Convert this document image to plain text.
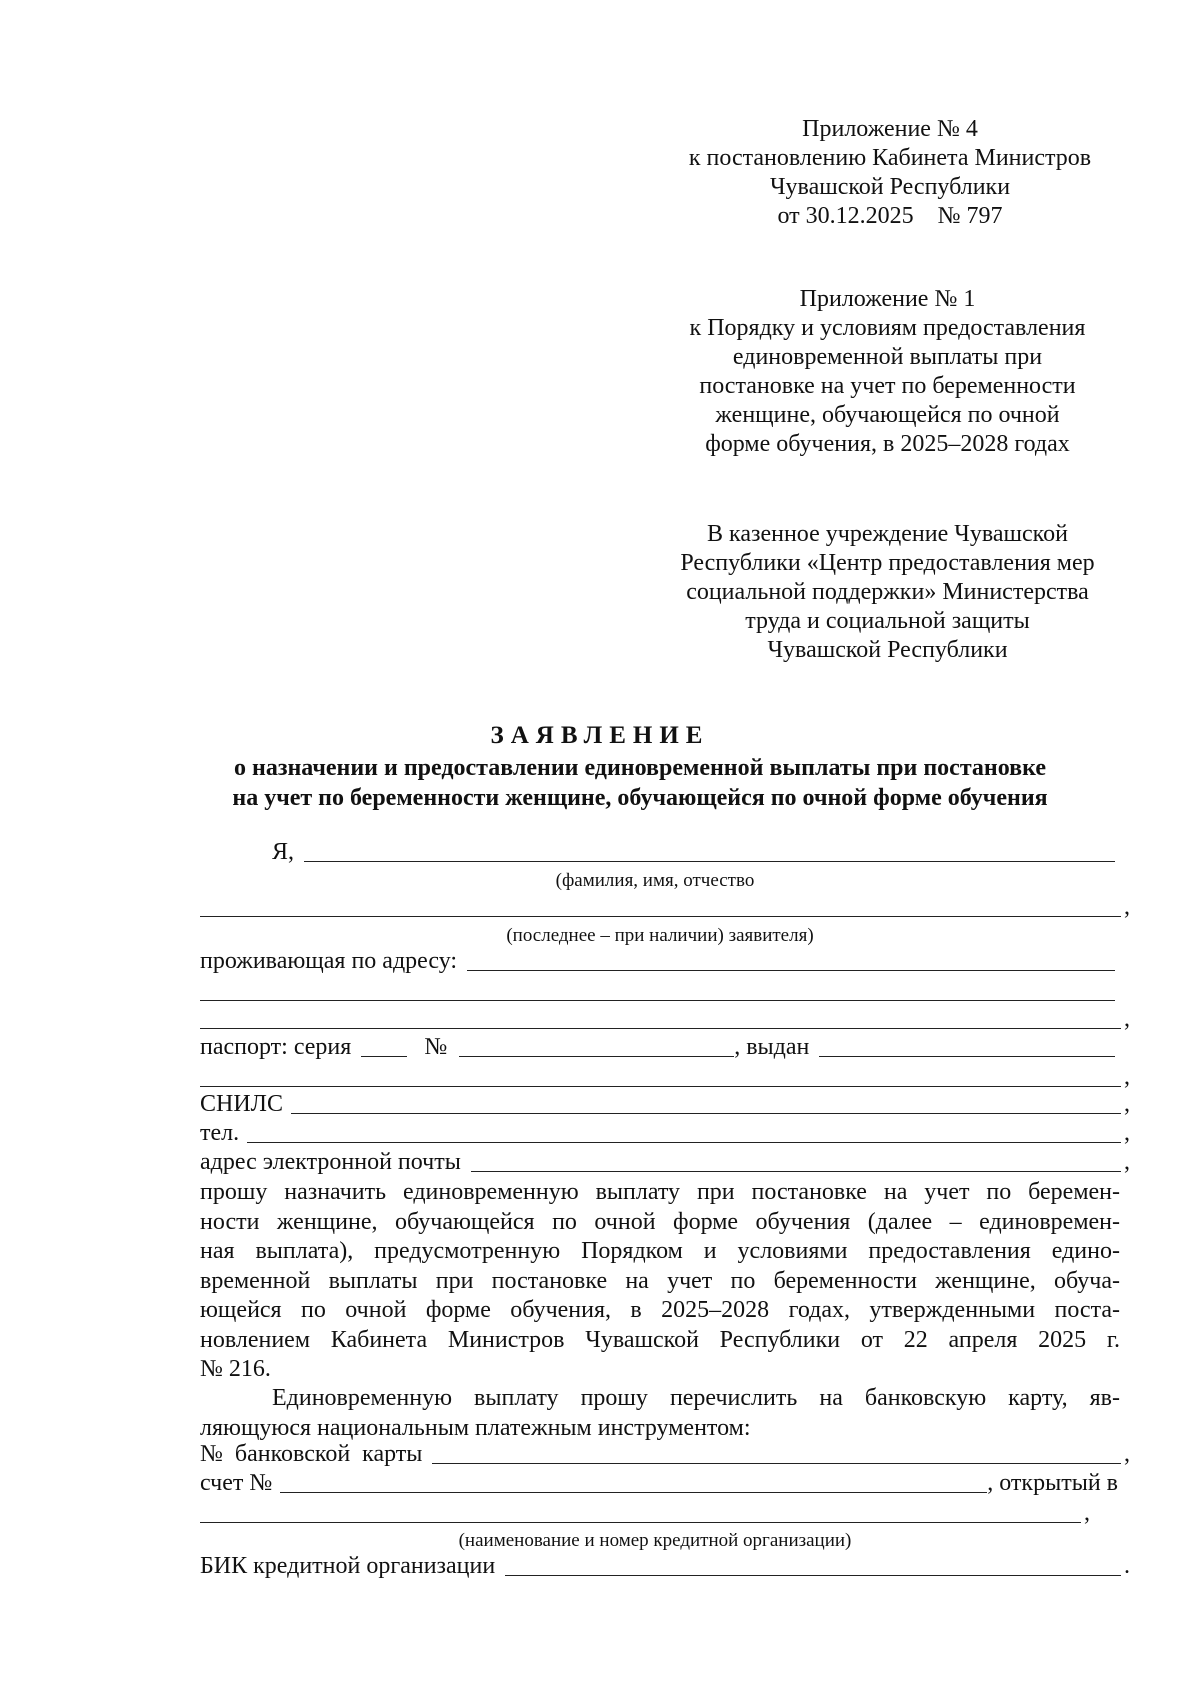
Приложение № 4
к постановлению Кабинета Министров
Чувашской Республики
от 30.12.2025    № 797
Приложение № 1
к Порядку и условиям предоставления
единовременной выплаты при
постановке на учет по беременности
женщине, обучающейся по очной
форме обучения, в 2025–2028 годах
В казенное учреждение Чувашской
Республики «Центр предоставления мер
социальной поддержки» Министерства
труда и социальной защиты
Чувашской Республики
ЗАЯВЛЕНИЕ
о назначении и предоставлении единовременной выплаты при постановке
на учет по беременности женщине, обучающейся по очной форме обучения
Я,
(фамилия, имя, отчество
,
(последнее – при наличии) заявителя)
проживающая по адресу:
,
паспорт: серия	№	, выдан
,
СНИЛС	,
тел.	,
адрес электронной почты	,
прошу назначить единовременную выплату при постановке на учет по беремен-
ности женщине, обучающейся по очной форме обучения (далее – единовремен-
ная выплата), предусмотренную Порядком и условиями предоставления едино-
временной выплаты при постановке на учет по беременности женщине, обуча-
ющейся по очной форме обучения, в 2025–2028 годах, утвержденными поста-
новлением Кабинета Министров Чувашской Республики от 22 апреля 2025 г.
№ 216.
Единовременную выплату прошу перечислить на банковскую карту, яв-
ляющуюся национальным платежным инструментом:
№  банковской  карты	,
счет №	, открытый в
,
(наименование и номер кредитной организации)
БИК кредитной организации	.
